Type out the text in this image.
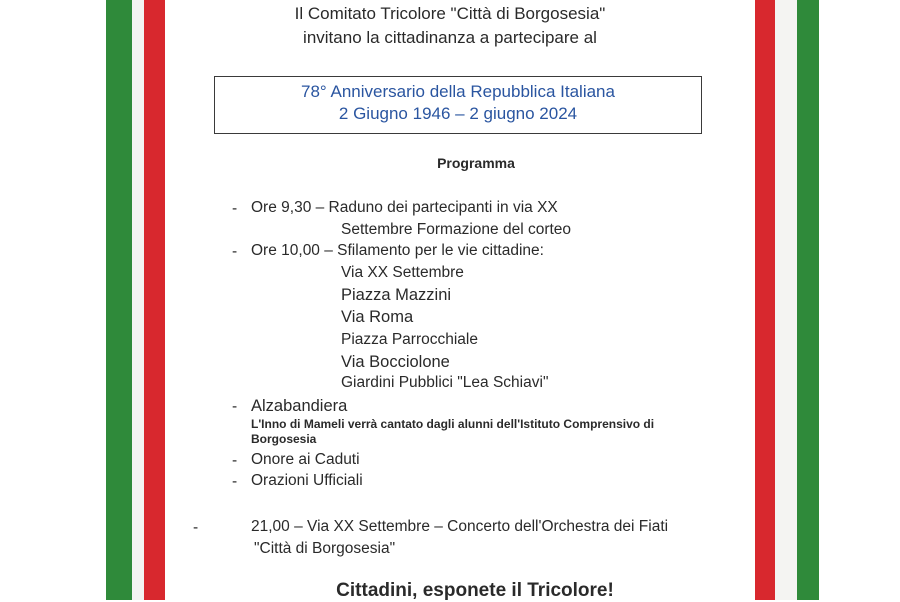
Il Comitato Tricolore "Città di Borgosesia"
invitano la cittadinanza a partecipare al
78° Anniversario della Repubblica Italiana
2 Giugno 1946 – 2 giugno 2024
Programma
- Ore 9,30 – Raduno dei partecipanti in via XX
Settembre Formazione del corteo
- Ore 10,00 – Sfilamento per le vie cittadine:
Via XX Settembre
Piazza Mazzini
Via Roma
Piazza Parrocchiale
Via Bocciolone
Giardini Pubblici "Lea Schiavi"
- Alzabandiera
L'Inno di Mameli verrà cantato dagli alunni dell'Istituto Comprensivo di
Borgosesia
- Onore ai Caduti
- Orazioni Ufficiali
-	21,00 – Via XX Settembre – Concerto dell'Orchestra dei Fiati
"Città di Borgosesia"
Cittadini, esponete il Tricolore!
